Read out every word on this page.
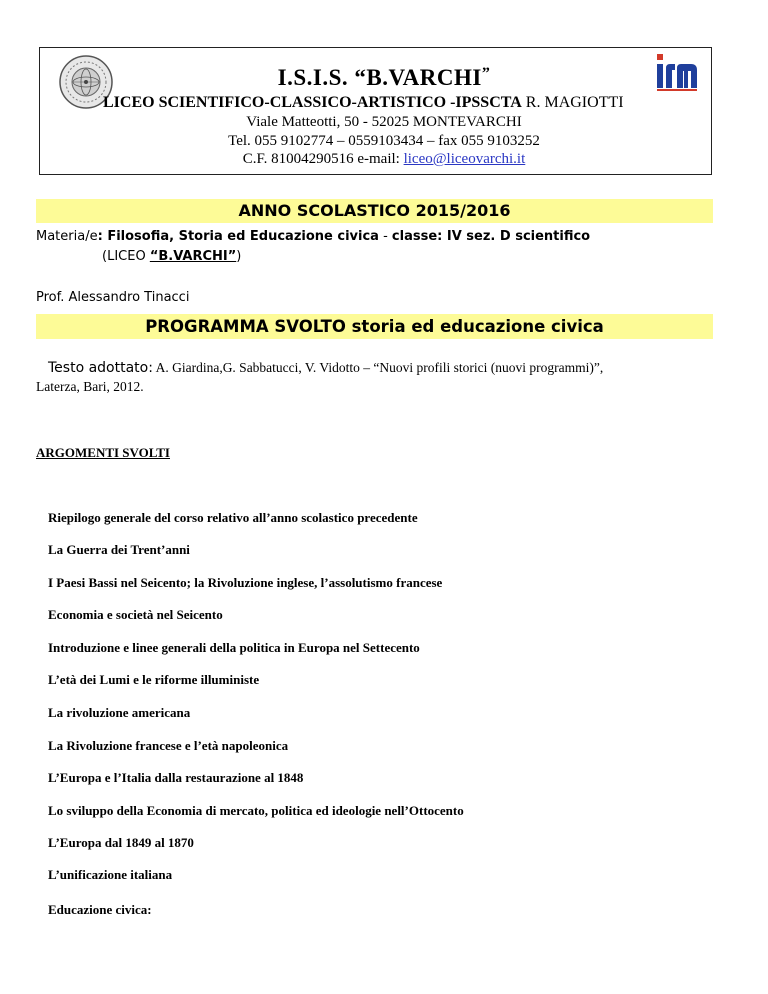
I.S.I.S. “B.VARCHI”
LICEO SCIENTIFICO-CLASSICO-ARTISTICO -IPSSCTA R. MAGIOTTI
Viale Matteotti, 50 - 52025 MONTEVARCHI
Tel. 055 9102774 – 0559103434 – fax 055 9103252
C.F. 81004290516 e-mail: liceo@liceovarchi.it
ANNO SCOLASTICO 2015/2016
Materia/e: Filosofia, Storia ed Educazione civica - classe: IV sez. D scientifico
(LICEO “B.VARCHI”)
Prof. Alessandro Tinacci
PROGRAMMA SVOLTO storia ed educazione civica
Testo adottato: A. Giardina,G. Sabbatucci, V. Vidotto – “Nuovi profili storici (nuovi programmi)”,
Laterza, Bari, 2012.
ARGOMENTI SVOLTI
Riepilogo generale del corso relativo all’anno scolastico precedente
La Guerra dei Trent’anni
I Paesi Bassi nel Seicento; la Rivoluzione inglese, l’assolutismo francese
Economia e società nel Seicento
Introduzione e linee generali della politica in Europa nel Settecento
L’età dei Lumi e le riforme illuministe
La rivoluzione americana
La Rivoluzione francese e l’età napoleonica
L’Europa e l’Italia dalla restaurazione al 1848
Lo sviluppo della Economia di mercato, politica ed ideologie nell’Ottocento
L’Europa dal 1849 al 1870
L’unificazione italiana
Educazione civica:
